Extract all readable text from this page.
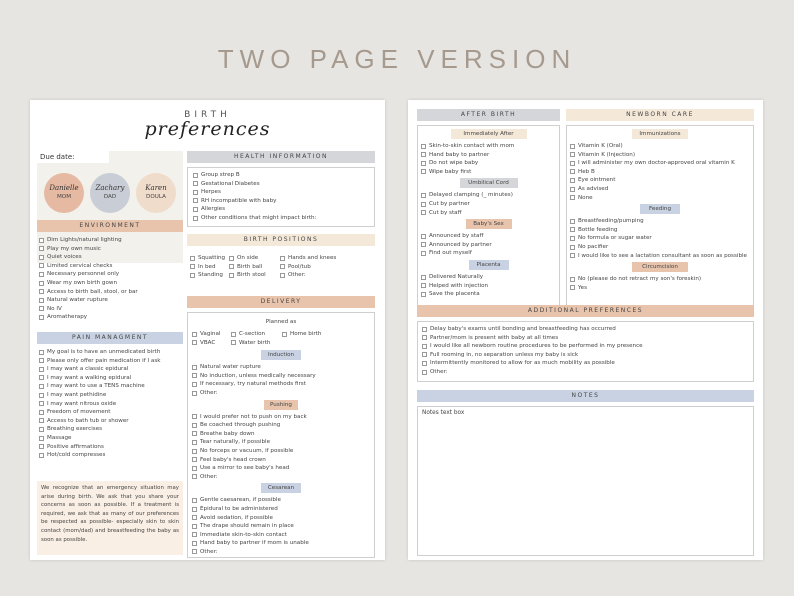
TWO PAGE VERSION
BIRTH
preferences
Due date:
Danielle
MOM
Zachary
DAD
Karen
DOULA
ENVIRONMENT
Dim Lights/natural lighting
Play my own music
Quiet voices
Limited cervical checks
Necessary personnel only
Wear my own birth gown
Access to birth ball, stool, or bar
Natural water rupture
No IV
Aromatherapy
PAIN MANAGMENT
My goal is to have an unmedicated birth
Please only offer pain medication if I ask
I may want a classic epidural
I may want a walking epidural
I may want to use a TENS machine
I may want pethidine
I may want nitrous oxide
Freedom of movement
Access to bath tub or shower
Breathing exercises
Massage
Positive affirmations
Hot/cold compresses
We recognize that an emergency situation may arise during birth. We ask that you share your concerns as soon as possible. If a treatment is required, we ask that as many of our preferences be respected as possible- especially skin to skin contact (mom/dad) and breastfeeding the baby as soon as possible.
HEALTH INFORMATION
Group strep B
Gestational Diabetes
Herpes
RH incompatible with baby
Allergies
Other conditions that might impact birth:
BIRTH POSITIONS
Squatting
In bed
Standing
On side
Birth ball
Birth stool
Hands and knees
Pool/tub
Other:
DELIVERY
Planned as
Vaginal
VBAC
C-section
Water birth
Home birth
Induction
Natural water rupture
No induction, unless medically necessary
If necessary, try natural methods first
Other:
Pushing
I would prefer not to push on my back
Be coached through pushing
Breathe baby down
Tear naturally, if possible
No forceps or vacuum, if possible
Feel baby's head crown
Use a mirror to see baby's head
Other:
Cesarean
Gentle caesarean, if possible
Epidural to be administered
Avoid sedation, if possible
The drape should remain in place
Immediate skin-to-skin contact
Hand baby to partner if mom is unable
Other:
AFTER BIRTH
Immediately After
Skin-to-skin contact with mom
Hand baby to partner
Do not wipe baby
Wipe baby first
Umbilical Cord
Delayed clamping (_ minutes)
Cut by partner
Cut by staff
Baby's Sex
Announced by staff
Announced by partner
Find out myself
Placenta
Delivered Naturally
Helped with injection
Save the placenta
NEWBORN CARE
Immunizations
Vitamin K (Oral)
Vitamin K (Injection)
I will administer my own doctor-approved oral vitamin K
Heb B
Eye ointment
As advised
None
Feeding
Breastfeeding/pumping
Bottle feeding
No formula or sugar water
No pacifier
I would like to see a lactation consultant as soon as possible
Circumcision
No (please do not retract my son's foreskin)
Yes
ADDITIONAL PREFERENCES
Delay baby's exams until bonding and breastfeeding has occurred
Partner/mom is present with baby at all times
I would like all newborn routine procedures to be performed in my presence
Full rooming in, no separation unless my baby is sick
Intermittently monitored to allow for as much mobility as possible
Other:
NOTES
Notes text box
